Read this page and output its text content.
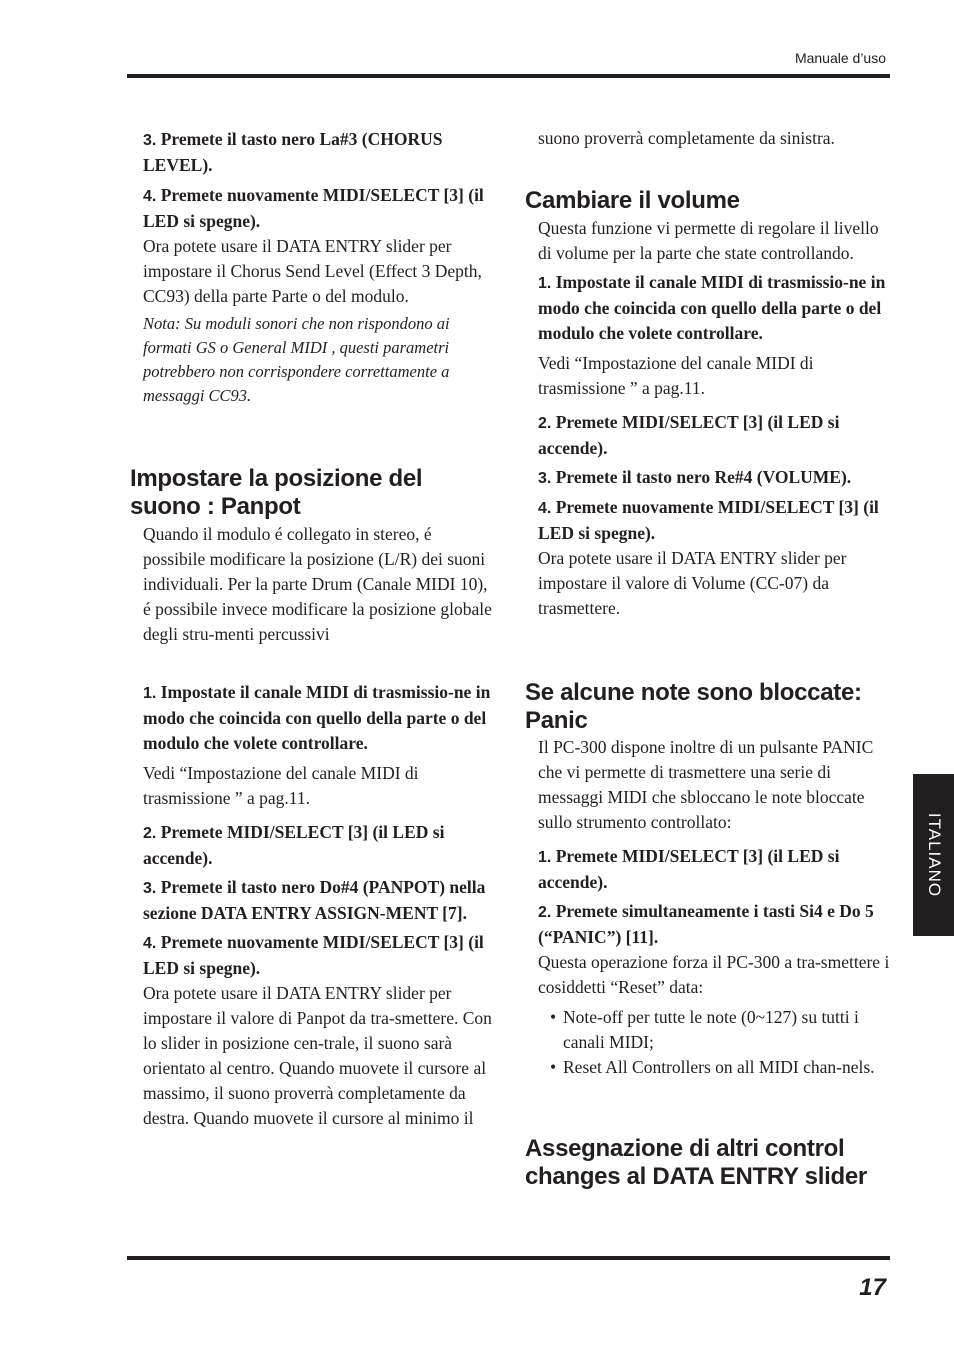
Manuale d’uso
17
ITALIANO

3. Premete il tasto nero La#3 (CHORUS LEVEL).

4. Premete nuovamente MIDI/SELECT [3] (il LED si spegne).

Ora potete usare il DATA ENTRY slider per impostare il Chorus Send Level (Effect 3 Depth, CC93) della parte Parte o del modulo.

Nota: Su moduli sonori che non rispondono ai formati GS o General MIDI , questi parametri potrebbero non corrispondere correttamente a messaggi CC93.

Impostare la posizione del

suono : Panpot

Quando il modulo é collegato in stereo, é possibile modificare la posizione (L/R) dei suoni individuali. Per la parte Drum (Canale MIDI 10), é possibile invece modificare la posizione globale degli stru-menti percussivi

1. Impostate il canale MIDI di trasmissio-ne in modo che coincida con quello della parte o del modulo che volete controllare.

Vedi “Impostazione del canale MIDI di trasmissione ” a pag.11.

2. Premete MIDI/SELECT [3] (il LED si accende).

3. Premete il tasto nero Do#4 (PANPOT) nella sezione DATA ENTRY ASSIGN-MENT [7].

4. Premete nuovamente MIDI/SELECT [3] (il LED si spegne).

Ora potete usare il DATA ENTRY slider per impostare il valore di Panpot da tra-smettere. Con lo slider in posizione cen-trale, il suono sarà orientato al centro. Quando muovete il cursore al massimo, il suono proverrà completamente da destra. Quando muovete il cursore al minimo il

suono proverrà completamente da sinistra.

Cambiare il volume

Questa funzione vi permette di regolare il livello di volume per la parte che state controllando.

1. Impostate il canale MIDI di trasmissio-ne in modo che coincida con quello della parte o del modulo che volete controllare.

Vedi “Impostazione del canale MIDI di trasmissione ” a pag.11.

2. Premete MIDI/SELECT [3] (il LED si accende).

3. Premete il tasto nero Re#4 (VOLUME).

4. Premete nuovamente MIDI/SELECT [3] (il LED si spegne).

Ora potete usare il DATA ENTRY slider per impostare il valore di Volume (CC-07) da trasmettere.

Se alcune note sono bloccate:

Panic

Il PC-300 dispone inoltre di un pulsante PANIC che vi permette di trasmettere una serie di messaggi MIDI che sbloccano le note bloccate sullo strumento controllato:

1. Premete MIDI/SELECT [3] (il LED si accende).

2. Premete simultaneamente i tasti Si4 e Do 5 (“PANIC”) [11].

Questa operazione forza il PC-300 a tra-smettere i cosiddetti “Reset” data:

• Note-off per tutte le note (0~127) su tutti i canali MIDI;
• Reset All Controllers on all MIDI chan-nels.

Assegnazione di altri control

changes al DATA ENTRY slider
